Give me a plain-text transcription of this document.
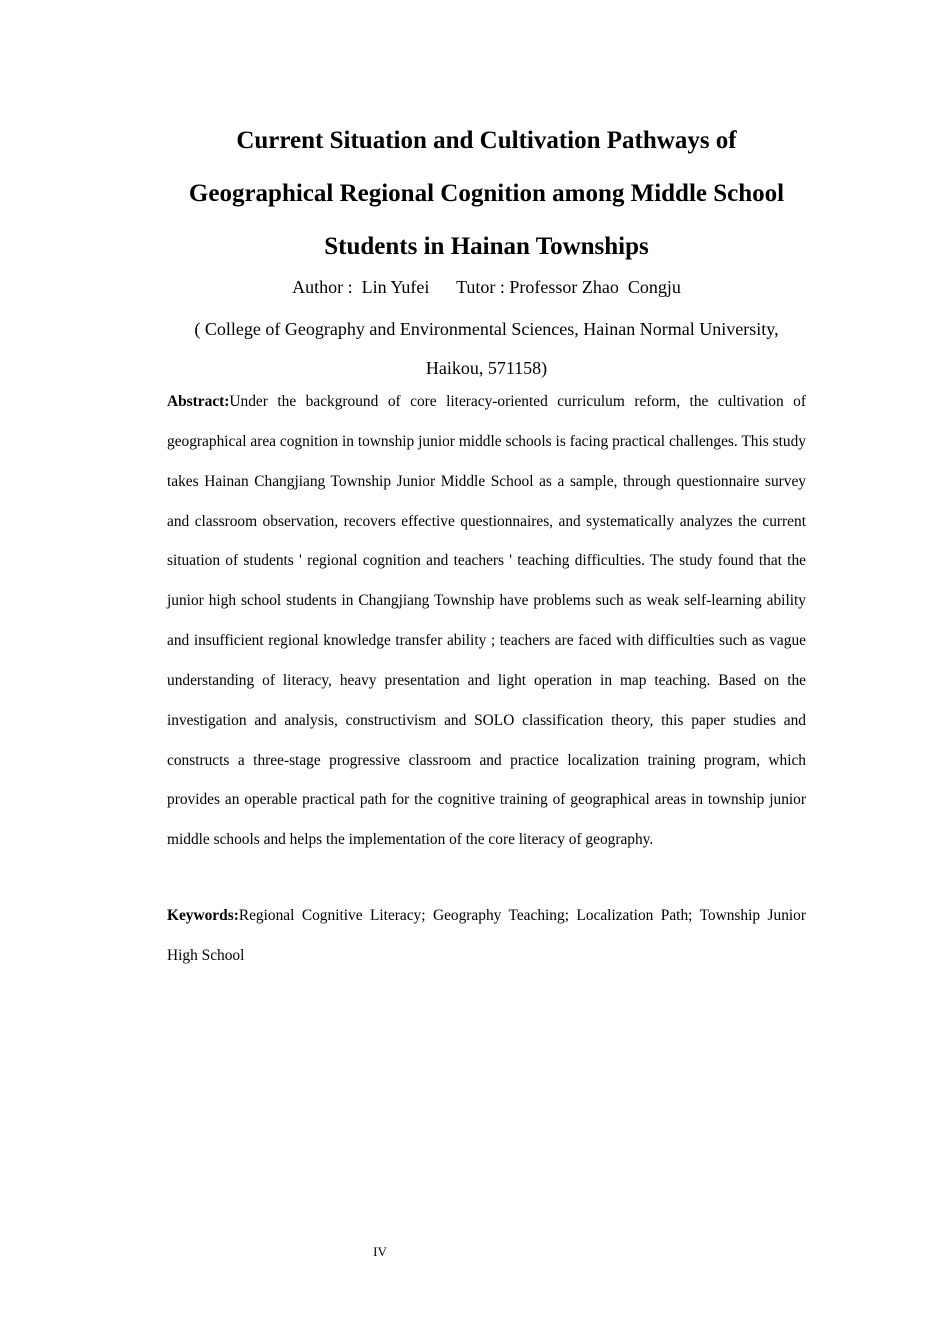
Current Situation and Cultivation Pathways of
Geographical Regional Cognition among Middle School
Students in Hainan Townships
Author :  Lin Yufei      Tutor : Professor Zhao  Congju
( College of Geography and Environmental Sciences, Hainan Normal University,
Haikou, 571158)
Abstract:Under the background of core literacy-oriented curriculum reform, the cultivation of geographical area cognition in township junior middle schools is facing practical challenges. This study takes Hainan Changjiang Township Junior Middle School as a sample, through questionnaire survey and classroom observation, recovers effective questionnaires, and systematically analyzes the current situation of students ' regional cognition and teachers ' teaching difficulties. The study found that the junior high school students in Changjiang Township have problems such as weak self-learning ability and insufficient regional knowledge transfer ability ; teachers are faced with difficulties such as vague understanding of literacy, heavy presentation and light operation in map teaching. Based on the investigation and analysis, constructivism and SOLO classification theory, this paper studies and constructs a three-stage progressive classroom and practice localization training program, which provides an operable practical path for the cognitive training of geographical areas in township junior middle schools and helps the implementation of the core literacy of geography.
Keywords:Regional Cognitive Literacy; Geography Teaching; Localization Path; Township Junior High School
IV
